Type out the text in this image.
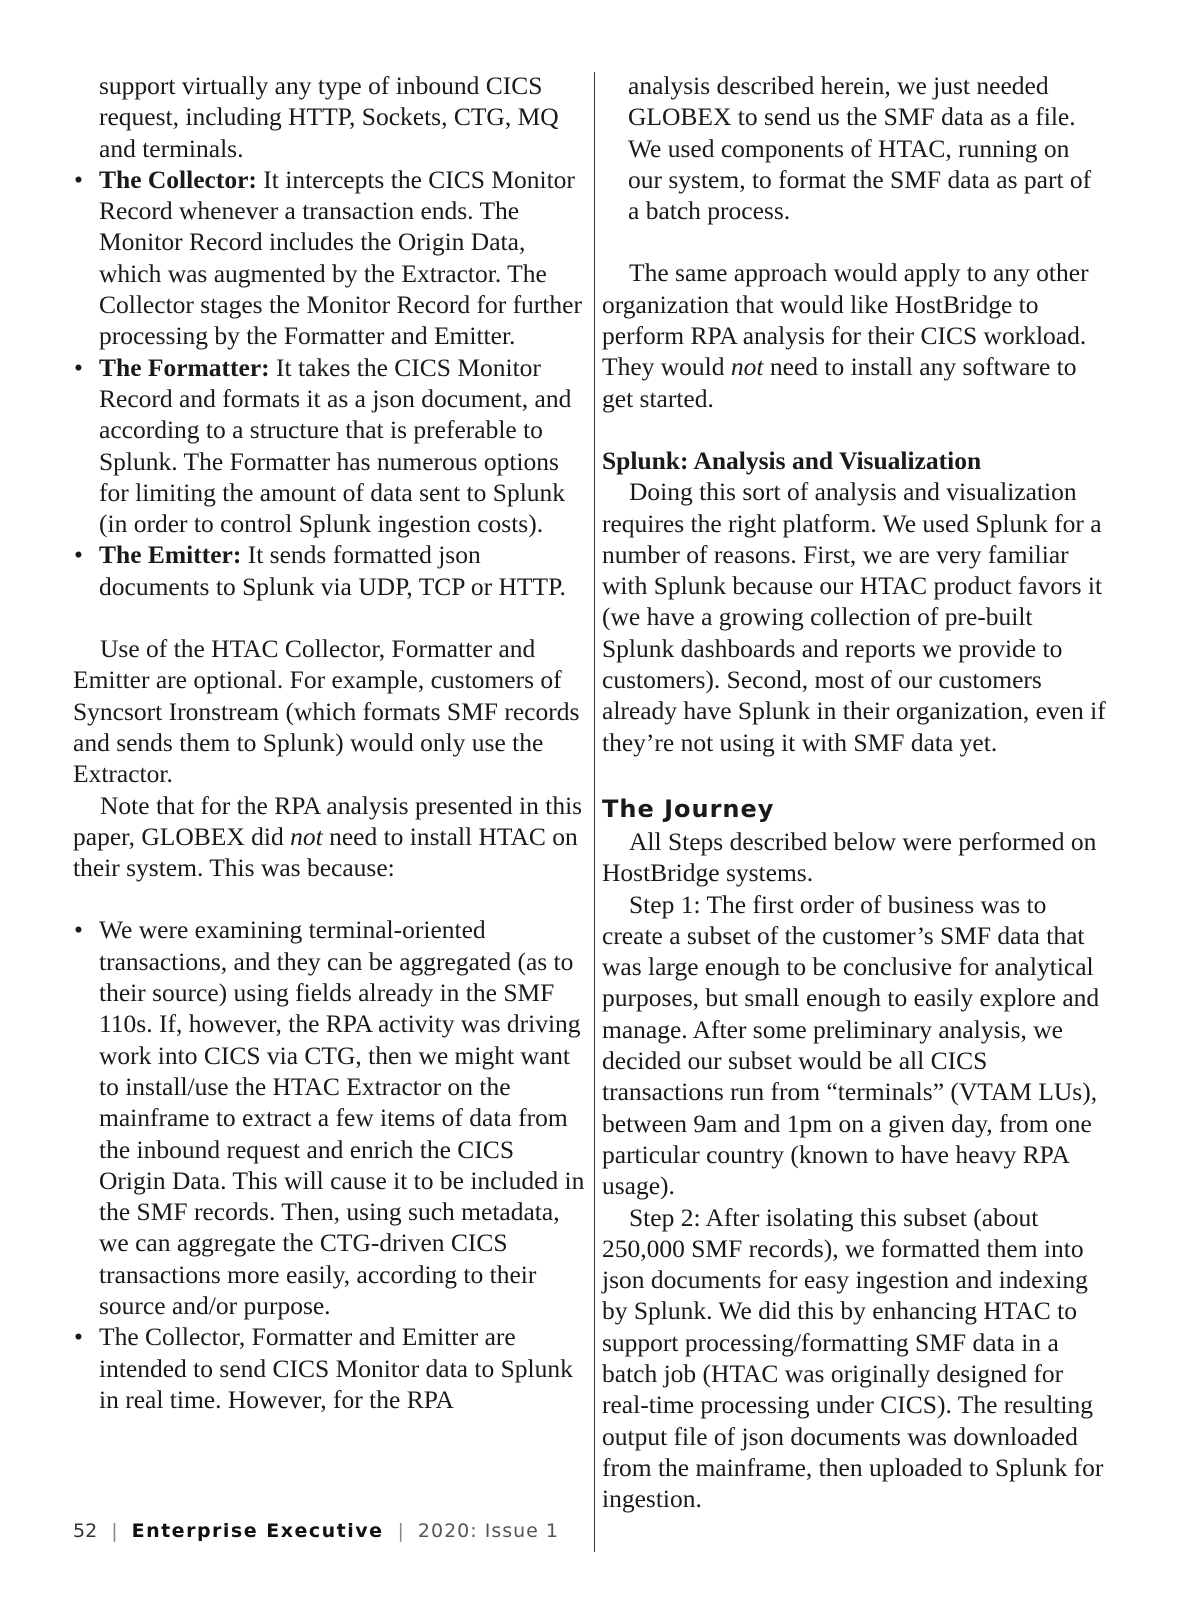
support virtually any type of inbound CICS request, including HTTP, Sockets, CTG, MQ and terminals.

• The Collector: It intercepts the CICS Monitor Record whenever a transaction ends. The Monitor Record includes the Origin Data, which was augmented by the Extractor. The Collector stages the Monitor Record for further processing by the Formatter and Emitter.
• The Formatter: It takes the CICS Monitor Record and formats it as a json document, and according to a structure that is preferable to Splunk. The Formatter has numerous options for limiting the amount of data sent to Splunk (in order to control Splunk ingestion costs).
• The Emitter: It sends formatted json documents to Splunk via UDP, TCP or HTTP.

Use of the HTAC Collector, Formatter and Emitter are optional. For example, customers of Syncsort Ironstream (which formats SMF records and sends them to Splunk) would only use the Extractor.

Note that for the RPA analysis presented in this paper, GLOBEX did not need to install HTAC on their system. This was because:

• We were examining terminal-oriented transactions, and they can be aggregated (as to their source) using fields already in the SMF 110s. If, however, the RPA activity was driving work into CICS via CTG, then we might want to install/use the HTAC Extractor on the mainframe to extract a few items of data from the inbound request and enrich the CICS Origin Data. This will cause it to be included in the SMF records. Then, using such metadata, we can aggregate the CTG-driven CICS transactions more easily, according to their source and/or purpose.
• The Collector, Formatter and Emitter are intended to send CICS Monitor data to Splunk in real time. However, for the RPA

analysis described herein, we just needed GLOBEX to send us the SMF data as a file. We used components of HTAC, running on our system, to format the SMF data as part of a batch process.

The same approach would apply to any other organization that would like HostBridge to perform RPA analysis for their CICS workload. They would not need to install any software to get started.

Splunk: Analysis and Visualization

Doing this sort of analysis and visualization requires the right platform. We used Splunk for a number of reasons. First, we are very familiar with Splunk because our HTAC product favors it (we have a growing collection of pre-built Splunk dashboards and reports we provide to customers). Second, most of our customers already have Splunk in their organization, even if they’re not using it with SMF data yet.

The Journey

All Steps described below were performed on HostBridge systems.

Step 1: The first order of business was to create a subset of the customer’s SMF data that was large enough to be conclusive for analytical purposes, but small enough to easily explore and manage. After some preliminary analysis, we decided our subset would be all CICS transactions run from “terminals” (VTAM LUs), between 9am and 1pm on a given day, from one particular country (known to have heavy RPA usage).

Step 2: After isolating this subset (about 250,000 SMF records), we formatted them into json documents for easy ingestion and indexing by Splunk. We did this by enhancing HTAC to support processing/formatting SMF data in a batch job (HTAC was originally designed for real-time processing under CICS). The resulting output file of json documents was downloaded from the mainframe, then uploaded to Splunk for ingestion.

52 | Enterprise Executive | 2020: Issue 1
